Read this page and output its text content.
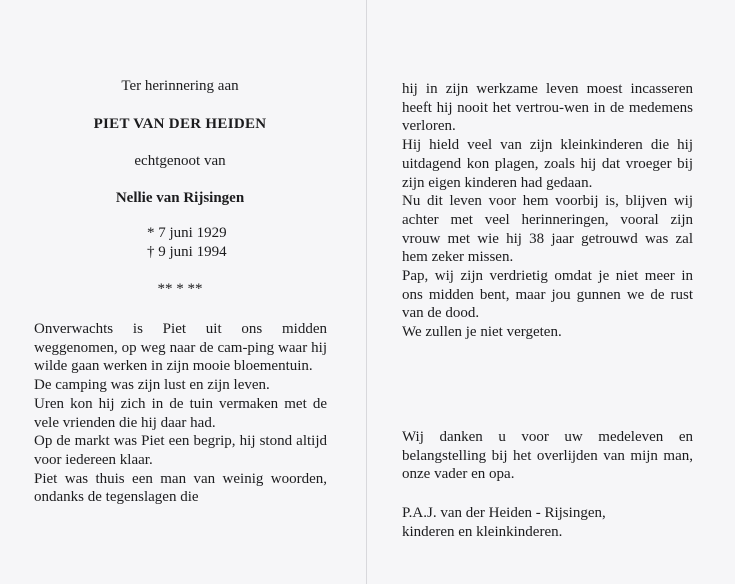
Ter herinnering aan
PIET VAN DER HEIDEN
echtgenoot van
Nellie van Rijsingen
* 7 juni 1929
† 9 juni 1994
** * **

Onverwachts is Piet uit ons midden weggenomen, op weg naar de cam-ping waar hij wilde gaan werken in zijn mooie bloementuin.

De camping was zijn lust en zijn leven.

Uren kon hij zich in de tuin vermaken met de vele vrienden die hij daar had.

Op de markt was Piet een begrip, hij stond altijd voor iedereen klaar.

Piet was thuis een man van weinig woorden, ondanks de tegenslagen die

hij in zijn werkzame leven moest incasseren heeft hij nooit het vertrou-wen in de medemens verloren.

Hij hield veel van zijn kleinkinderen die hij uitdagend kon plagen, zoals hij dat vroeger bij zijn eigen kinderen had gedaan.

Nu dit leven voor hem voorbij is, blijven wij achter met veel herinneringen, vooral zijn vrouw met wie hij 38 jaar getrouwd was zal hem zeker missen.

Pap, wij zijn verdrietig omdat je niet meer in ons midden bent, maar jou gunnen we de rust van de dood.

We zullen je niet vergeten.

Wij danken u voor uw medeleven en belangstelling bij het overlijden van mijn man, onze vader en opa.

P.A.J. van der Heiden - Rijsingen,
kinderen en kleinkinderen.
